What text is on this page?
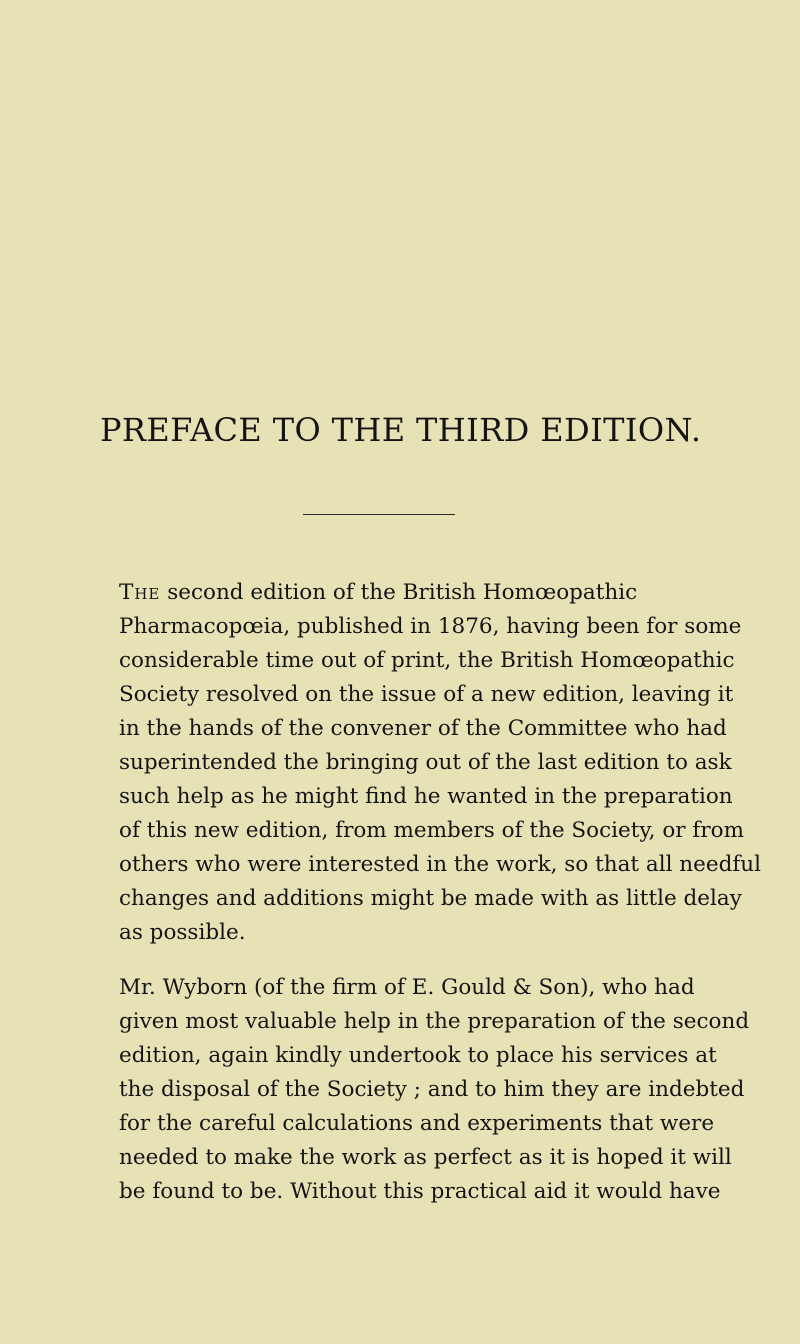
PREFACE TO THE THIRD EDITION.
The second edition of the British Homœopathic
Pharmacopœia, published in 1876, having been for some
considerable time out of print, the British Homœopathic
Society resolved on the issue of a new edition, leaving it
in the hands of the convener of the Committee who had
superintended the bringing out of the last edition to ask
such help as he might find he wanted in the preparation
of this new edition, from members of the Society, or from
others who were interested in the work, so that all needful
changes and additions might be made with as little delay
as possible.
Mr. Wyborn (of the firm of E. Gould & Son), who had
given most valuable help in the preparation of the second
edition, again kindly undertook to place his services at
the disposal of the Society ; and to him they are indebted
for the careful calculations and experiments that were
needed to make the work as perfect as it is hoped it will
be found to be. Without this practical aid it would have
